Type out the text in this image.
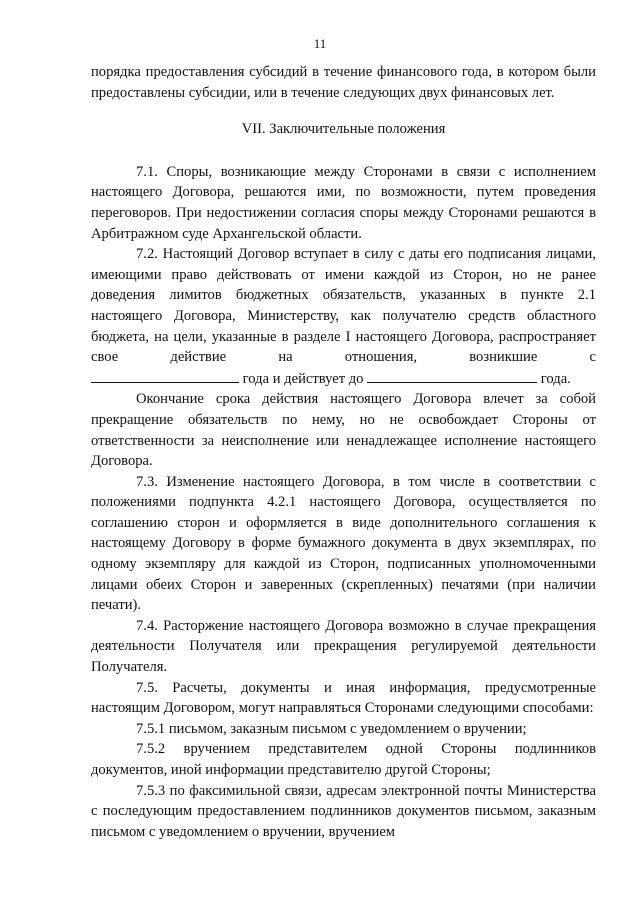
11

порядка предоставления субсидий в течение финансового года, в котором были предоставлены субсидии, или в течение следующих двух финансовых лет.

VII. Заключительные положения

7.1. Споры, возникающие между Сторонами в связи с исполнением настоящего Договора, решаются ими, по возможности, путем проведения переговоров. При недостижении согласия споры между Сторонами решаются в Арбитражном суде Архангельской области.

7.2. Настоящий Договор вступает в силу с даты его подписания лицами, имеющими право действовать от имени каждой из Сторон, но не ранее доведения лимитов бюджетных обязательств, указанных в пункте 2.1 настоящего Договора, Министерству, как получателю средств областного бюджета, на цели, указанные в разделе I настоящего Договора, распространяет свое действие на отношения, возникшие с

года и действует до	года.

Окончание срока действия настоящего Договора влечет за собой прекращение обязательств по нему, но не освобождает Стороны от ответственности за неисполнение или ненадлежащее исполнение настоящего Договора.

7.3. Изменение настоящего Договора, в том числе в соответствии с положениями подпункта 4.2.1 настоящего Договора, осуществляется по соглашению сторон и оформляется в виде дополнительного соглашения к настоящему Договору в форме бумажного документа в двух экземплярах, по одному экземпляру для каждой из Сторон, подписанных уполномоченными лицами обеих Сторон и заверенных (скрепленных) печатями (при наличии печати).

7.4. Расторжение настоящего Договора возможно в случае прекращения деятельности Получателя или прекращения регулируемой деятельности Получателя.

7.5. Расчеты, документы и иная информация, предусмотренные настоящим Договором, могут направляться Сторонами следующими способами:

7.5.1 письмом, заказным письмом с уведомлением о вручении;

7.5.2 вручением представителем одной Стороны подлинников документов, иной информации представителю другой Стороны;

7.5.3 по факсимильной связи, адресам электронной почты Министерства с последующим предоставлением подлинников документов письмом, заказным письмом с уведомлением о вручении, вручением
